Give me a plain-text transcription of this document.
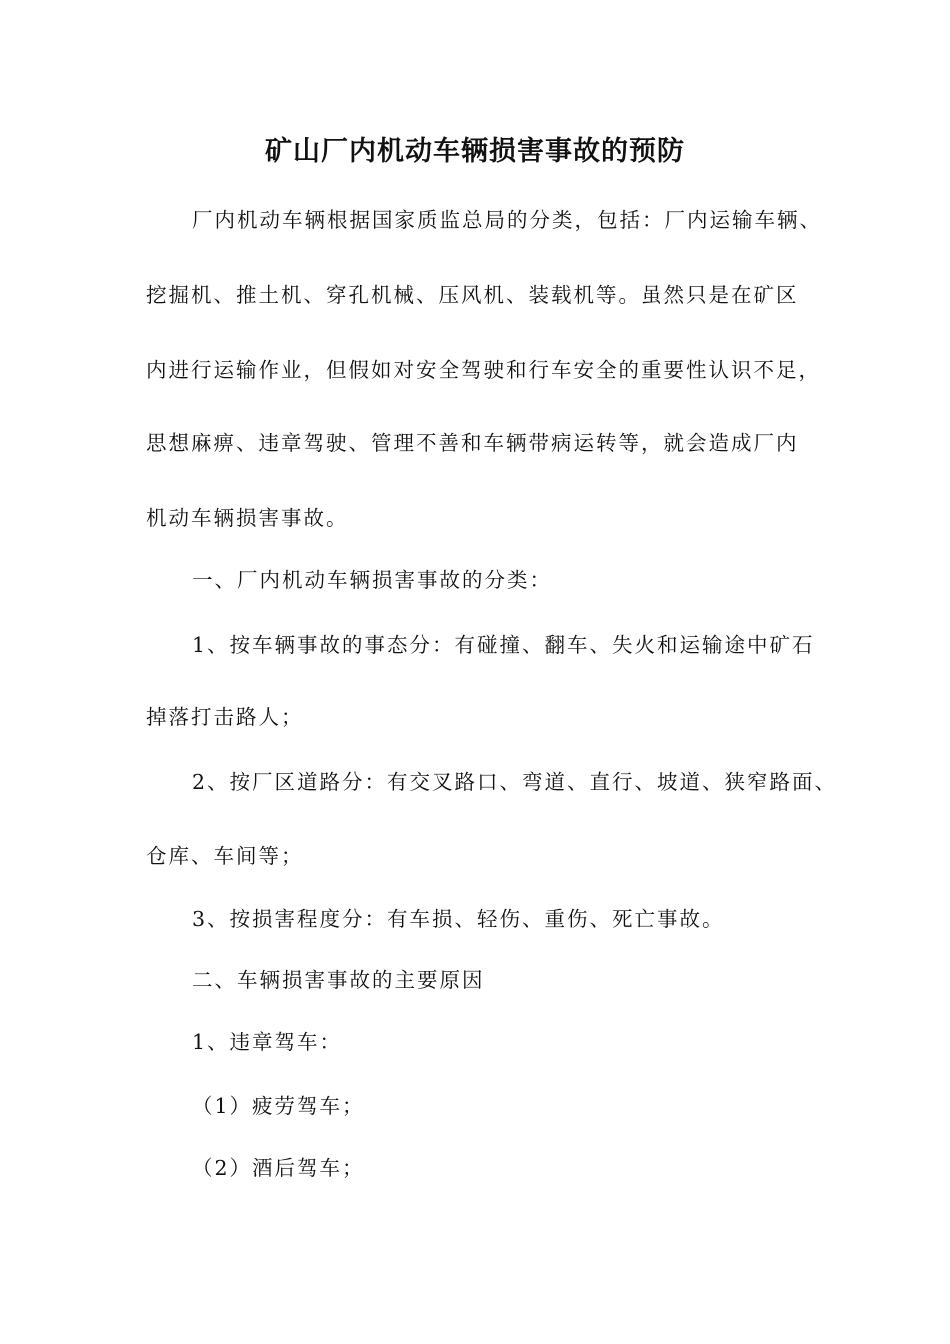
矿山厂内机动车辆损害事故的预防
厂内机动车辆根据国家质监总局的分类，包括：厂内运输车辆、
挖掘机、推土机、穿孔机械、压风机、装载机等。虽然只是在矿区
内进行运输作业，但假如对安全驾驶和行车安全的重要性认识不足，
思想麻痹、违章驾驶、管理不善和车辆带病运转等，就会造成厂内
机动车辆损害事故。
一、厂内机动车辆损害事故的分类：
1、按车辆事故的事态分：有碰撞、翻车、失火和运输途中矿石
掉落打击路人；
2、按厂区道路分：有交叉路口、弯道、直行、坡道、狭窄路面、
仓库、车间等；
3、按损害程度分：有车损、轻伤、重伤、死亡事故。
二、车辆损害事故的主要原因
1、违章驾车：
（1）疲劳驾车；
（2）酒后驾车；
